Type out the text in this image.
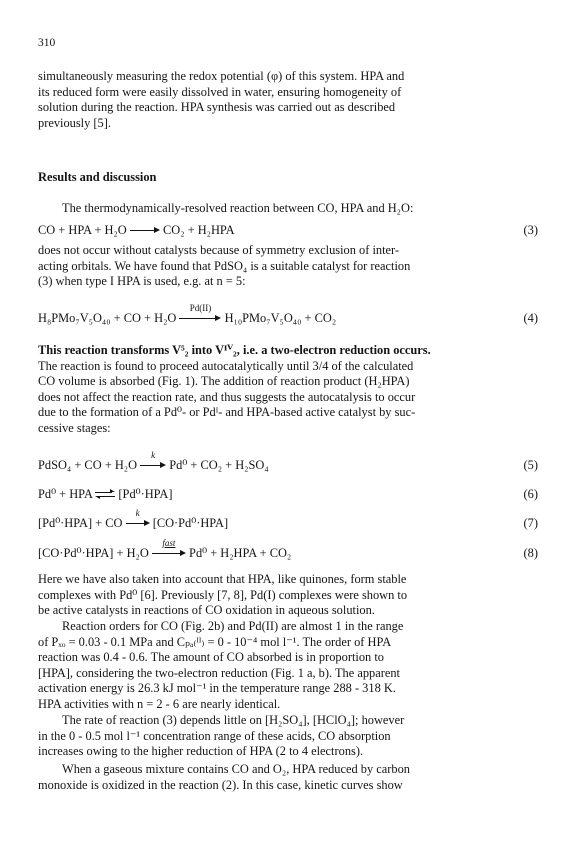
310
simultaneously measuring the redox potential (φ) of this system. HPA and
its reduced form were easily dissolved in water, ensuring homogeneity of
solution during the reaction. HPA synthesis was carried out as described
previously [5].
Results and discussion
The thermodynamically-resolved reaction between CO, HPA and H₂O:
CO + HPA + H₂O	CO₂ + H₂HPA	(3)
does not occur without catalysts because of symmetry exclusion of inter-
acting orbitals. We have found that PdSO₄ is a suitable catalyst for reaction
(3) when type I HPA is used, e.g. at n = 5:
H₈PMo₇V₅O₄₀ + CO + H₂O
Pd(II)
H₁₀PMo₇V₅O₄₀ + CO₂	(4)
This reaction transforms V⁵₂ into Vᴵⱽ₂, i.e. a two-electron reduction occurs.
The reaction is found to proceed autocatalytically until 3/4 of the calculated
CO volume is absorbed (Fig. 1). The addition of reaction product (H₂HPA)
does not affect the reaction rate, and thus suggests the autocatalysis to occur
due to the formation of a Pd⁰- or Pdᴵ- and HPA-based active catalyst by suc-
cessive stages:
PdSO₄ + CO + H₂O
k
Pd⁰ + CO₂ + H₂SO₄	(5)
Pd⁰ + HPA [Pd⁰·HPA]	(6)
[Pd⁰·HPA] + CO
k
[CO·Pd⁰·HPA]	(7)
[CO·Pd⁰·HPA] + H₂O
fast
Pd⁰ + H₂HPA + CO₂	(8)
Here we have also taken into account that HPA, like quinones, form stable
complexes with Pd⁰ [6]. Previously [7, 8], Pd(I) complexes were shown to
be active catalysts in reactions of CO oxidation in aqueous solution.
Reaction orders for CO (Fig. 2b) and Pd(II) are almost 1 in the range
of Pₓₒ = 0.03 - 0.1 MPa and Cₚₐ₍ᴵᴵ₎ = 0 - 10⁻⁴ mol l⁻¹. The order of HPA
reaction was 0.4 - 0.6. The amount of CO absorbed is in proportion to
[HPA], considering the two-electron reduction (Fig. 1 a, b). The apparent
activation energy is 26.3 kJ mol⁻¹ in the temperature range 288 - 318 K.
HPA activities with n = 2 - 6 are nearly identical.
The rate of reaction (3) depends little on [H₂SO₄], [HClO₄]; however
in the 0 - 0.5 mol l⁻¹ concentration range of these acids, CO absorption
increases owing to the higher reduction of HPA (2 to 4 electrons).
When a gaseous mixture contains CO and O₂, HPA reduced by carbon
monoxide is oxidized in the reaction (2). In this case, kinetic curves show
